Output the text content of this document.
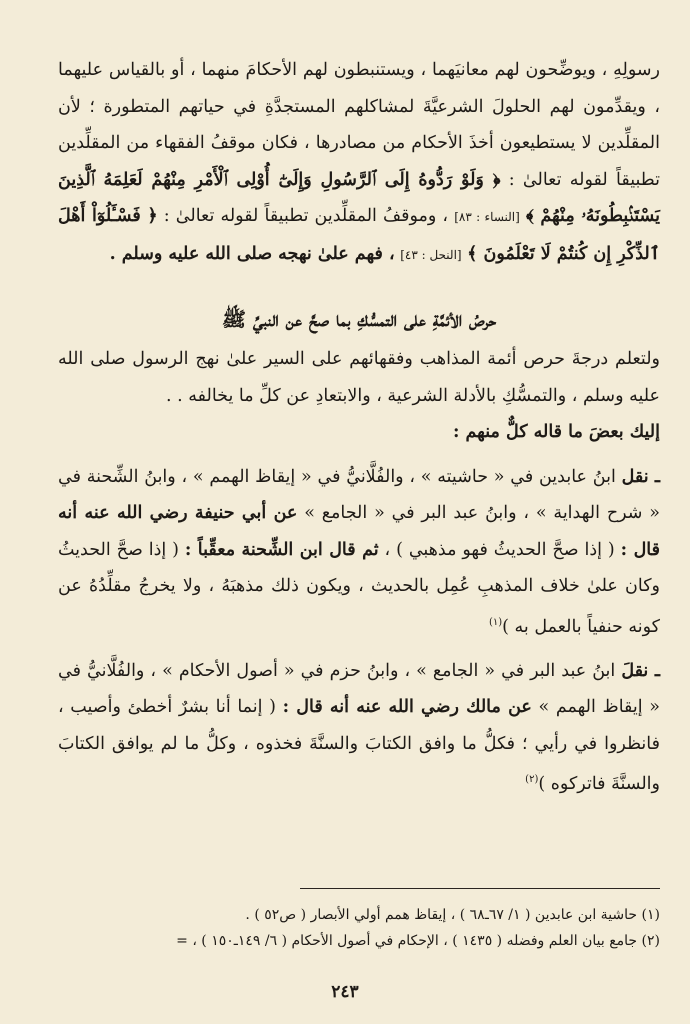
رسولِهِ ، ويوضِّحون لهم معانيَهما ، ويستنبطون لهم الأحكامَ منهما ، أو بالقياس عليهما ، ويقدِّمون لهم الحلولَ الشرعيَّةَ لمشاكلهم المستجدَّةِ في حياتهم المتطورة ؛ لأن المقلِّدين لا يستطيعون أخذَ الأحكام من مصادرها ، فكان موقفُ الفقهاء من المقلِّدين تطبيقاً لقوله تعالىٰ : ﴿ وَلَوْ رَدُّوهُ إِلَى ٱلرَّسُولِ وَإِلَىٰٓ أُوْلِى ٱلْأَمْرِ مِنْهُمْ لَعَلِمَهُ ٱلَّذِينَ يَسْتَنۢبِطُونَهُۥ مِنْهُمْ ﴾ [النساء : ٨٣] ، وموقفُ المقلِّدين تطبيقاً لقوله تعالىٰ : ﴿ فَسْـَٔلُوٓاْ أَهْلَ ٱلذِّكْرِ إِن كُنتُمْ لَا تَعْلَمُونَ ﴾ [النحل : ٤٣] ، فهم علىٰ نهجه صلى الله عليه وسلم .

حرصُ الأئمَّةِ على التمسُّكِ بما صحَّ عن النبيِّ ﷺ

ولتعلم درجةَ حرص أئمة المذاهب وفقهائهم على السير علىٰ نهج الرسول صلى الله عليه وسلم ، والتمسُّكِ بالأدلة الشرعية ، والابتعادِ عن كلِّ ما يخالفه . .

إليك بعضَ ما قاله كلٌّ منهم :

ـ نقل ابنُ عابدين في « حاشيته » ، والفُلَّانيُّ في « إيقاظ الهمم » ، وابنُ الشِّحنة في « شرح الهداية » ، وابنُ عبد البر في « الجامع » عن أبي حنيفة رضي الله عنه أنه قال : ( إذا صحَّ الحديثُ فهو مذهبي ) ، ثم قال ابن الشِّحنة معقِّباً : ( إذا صحَّ الحديثُ وكان علىٰ خلاف المذهبِ عُمِل بالحديث ، ويكون ذلك مذهبَهُ ، ولا يخرجُ مقلِّدُهُ عن كونه حنفياً بالعمل به )$^{(١)}$

ـ نقلَ ابنُ عبد البر في « الجامع » ، وابنُ حزم في « أصول الأحكام » ، والفُلَّانيُّ في « إيقاظ الهمم » عن مالك رضي الله عنه أنه قال : ( إنما أنا بشرٌ أخطئ وأصيب ، فانظروا في رأيي ؛ فكلُّ ما وافق الكتابَ والسنَّةَ فخذوه ، وكلُّ ما لم يوافق الكتابَ والسنَّةَ فاتركوه )$^{(٢)}$

(١) حاشية ابن عابدين ( ١/ ٦٧ـ٦٨ ) ، إيقاظ همم أولي الأبصار ( ص٥٢ ) .

(٢) جامع بيان العلم وفضله ( ١٤٣٥ ) ، الإحكام في أصول الأحكام ( ٦/ ١٤٩ـ١٥٠ ) ، =

٢٤٣
